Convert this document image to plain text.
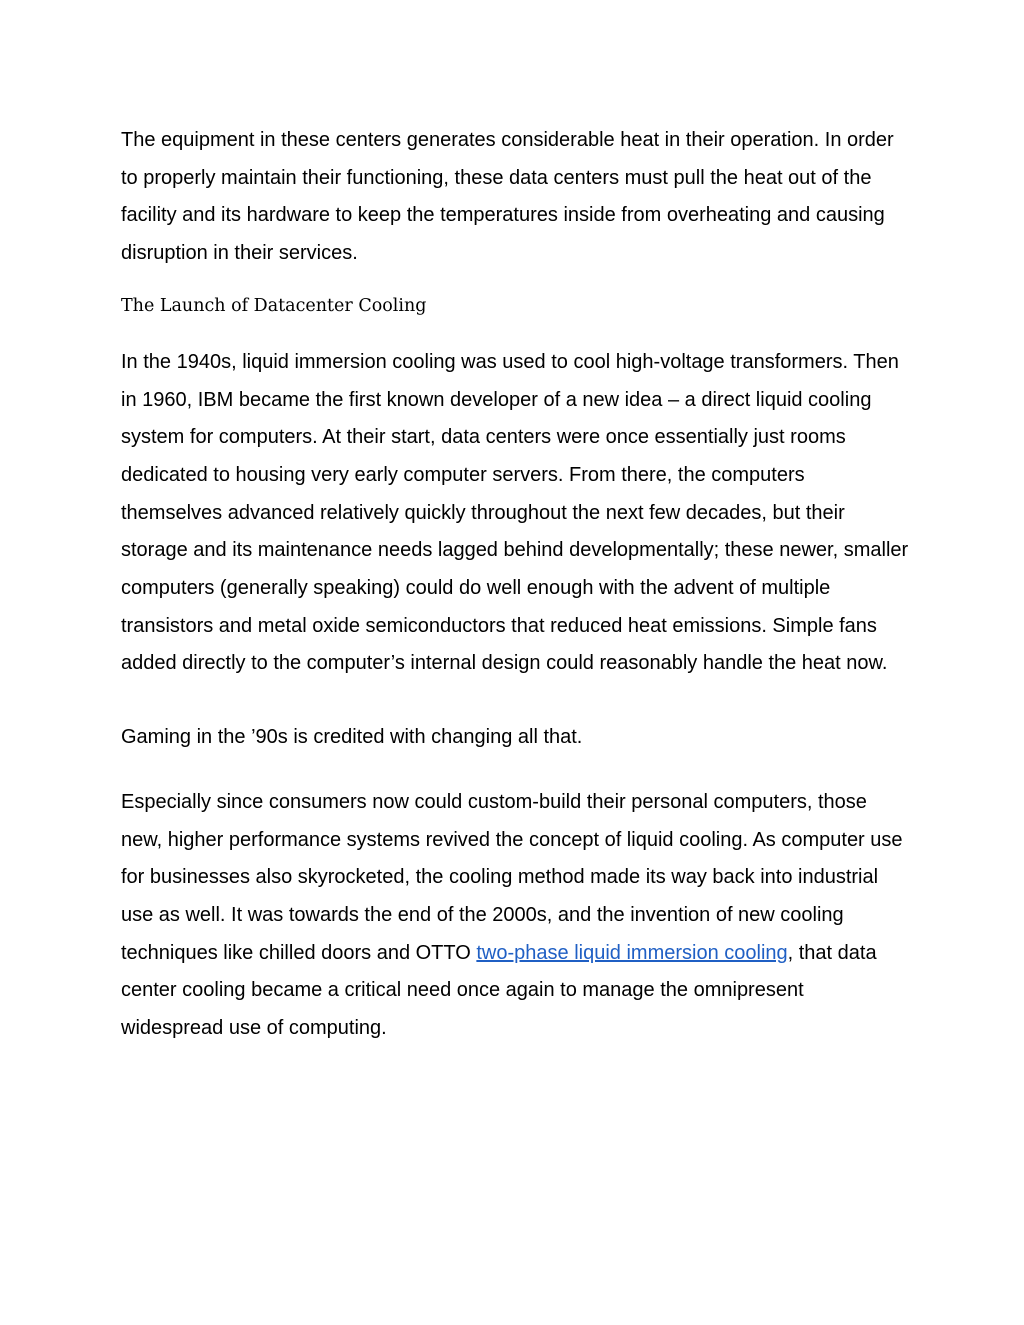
The equipment in these centers generates considerable heat in their operation. In order to properly maintain their functioning, these data centers must pull the heat out of the facility and its hardware to keep the temperatures inside from overheating and causing disruption in their services.

The Launch of Datacenter Cooling

In the 1940s, liquid immersion cooling was used to cool high-voltage transformers. Then in 1960, IBM became the first known developer of a new idea – a direct liquid cooling system for computers. At their start, data centers were once essentially just rooms dedicated to housing very early computer servers. From there, the computers themselves advanced relatively quickly throughout the next few decades, but their storage and its maintenance needs lagged behind developmentally; these newer, smaller computers (generally speaking) could do well enough with the advent of multiple transistors and metal oxide semiconductors that reduced heat emissions. Simple fans added directly to the computer’s internal design could reasonably handle the heat now.

Gaming in the ’90s is credited with changing all that.

Especially since consumers now could custom-build their personal computers, those new, higher performance systems revived the concept of liquid cooling. As computer use for businesses also skyrocketed, the cooling method made its way back into industrial use as well. It was towards the end of the 2000s, and the invention of new cooling techniques like chilled doors and OTTO two-phase liquid immersion cooling, that data center cooling became a critical need once again to manage the omnipresent widespread use of computing.
